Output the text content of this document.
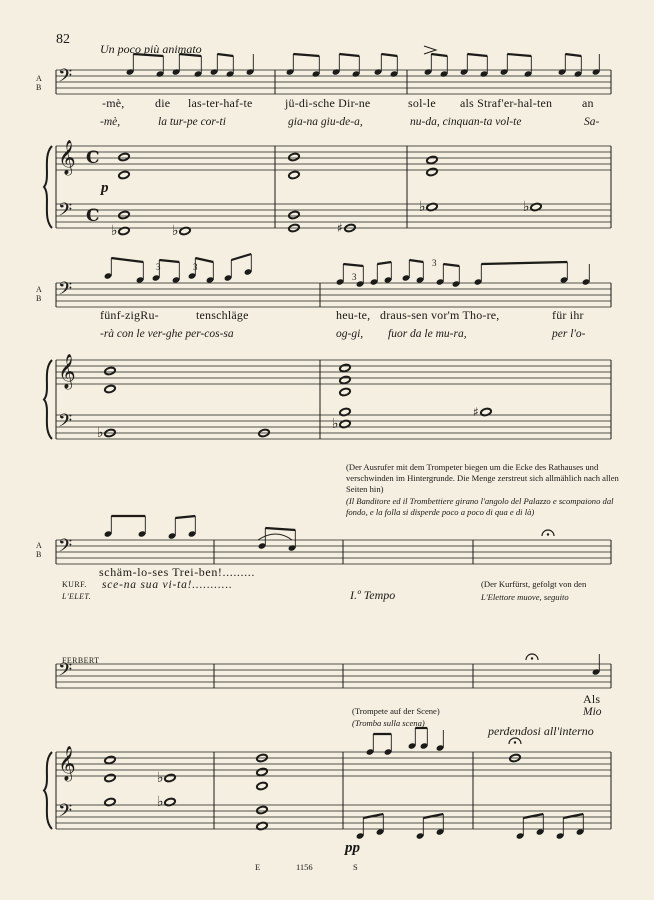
𝄢
𝄞 C
𝄢 C
♭	♭	♯
♭	♭
𝄢
𝄞
𝄢 ♭
♭
♯
𝄢
𝄢
𝄞
𝄢
♭
♭
82
Un poco più animato
A
B
-mè,	die las-ter-haf-te	jü-di-sche Dir-ne	sol-le als Straf'er-hal-ten an
-mè,	la tur-pe cor-ti	gia-na giu-de-a,	nu-da, cinquan-ta vol-te	Sa-
p
A
B
3	3
3
3
fünf-zigRu-	tenschläge	heu-te, draus-sen vor'm Tho-re,	für ihr
-rà con le ver-ghe per-cos-sa	og-gi, fuor da le mu-ra,	per l'o-
(Der Ausrufer mit dem Trompeter biegen um die Ecke des Rathauses und verschwinden im Hintergrunde. Die Menge zerstreut sich allmählich nach allen Seiten hin)
(Il Banditore ed il Trombettiere girano l'angolo del Palazzo e scompaiono dal fondo, e la folla si disperde poco a poco di qua e di là)
A
B
schäm-lo-ses Trei-ben!.........
KURF. sce-na sua vi-ta!...........
L'ELET.	I.º Tempo
(Der Kurfürst, gefolgt von den
L'Elettore muove, seguito
FERBERT
Als
Mio
(Trompete auf der Scene)
(Tromba sulla scena)
perdendosi all'interno
pp
E	1156	S
